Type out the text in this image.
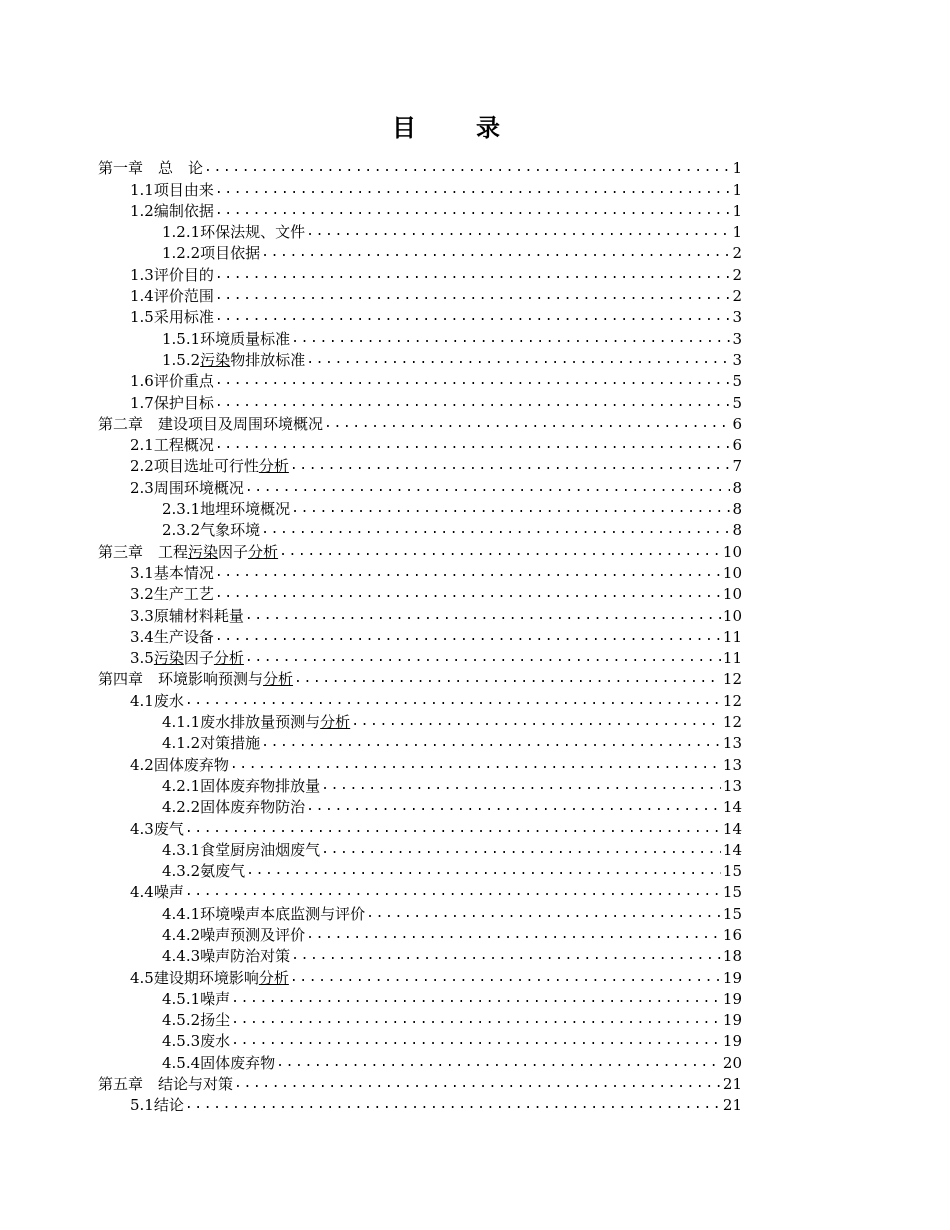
目　录
第一章　总　论 .....	1
1.1项目由来 .....	1
1.2编制依据 .....	1
1.2.1环保法规、文件 .....	1
1.2.2项目依据 .....	2
1.3评价目的 .....	2
1.4评价范围 .....	2
1.5采用标准 .....	3
1.5.1环境质量标准 .....	3
1.5.2污染物排放标准 .....	3
1.6评价重点 .....	5
1.7保护目标 .....	5
第二章　建设项目及周围环境概况 .....	6
2.1工程概况 .....	6
2.2项目选址可行性分析 .....	7
2.3周围环境概况 .....	8
2.3.1地埋环境概况 .....	8
2.3.2气象环境 .....	8
第三章　工程污染因子分析 .....	10
3.1基本情况 .....	10
3.2生产工艺 .....	10
3.3原辅材料耗量 .....	10
3.4生产设备 .....	11
3.5污染因子分析 .....	11
第四章　环境影响预测与分析 .....	12
4.1废水 .....	12
4.1.1废水排放量预测与分析 .....	12
4.1.2对策措施 .....	13
4.2固体废弃物 .....	13
4.2.1固体废弃物排放量 .....	13
4.2.2固体废弃物防治 .....	14
4.3废气 .....	14
4.3.1食堂厨房油烟废气 .....	14
4.3.2氨废气 .....	15
4.4噪声 .....	15
4.4.1环境噪声本底监测与评价 .....	15
4.4.2噪声预测及评价 .....	16
4.4.3噪声防治对策 .....	18
4.5建设期环境影响分析 .....	19
4.5.1噪声 .....	19
4.5.2扬尘 .....	19
4.5.3废水 .....	19
4.5.4固体废弃物 .....	20
第五章　结论与对策 .....	21
5.1结论 .....	21
